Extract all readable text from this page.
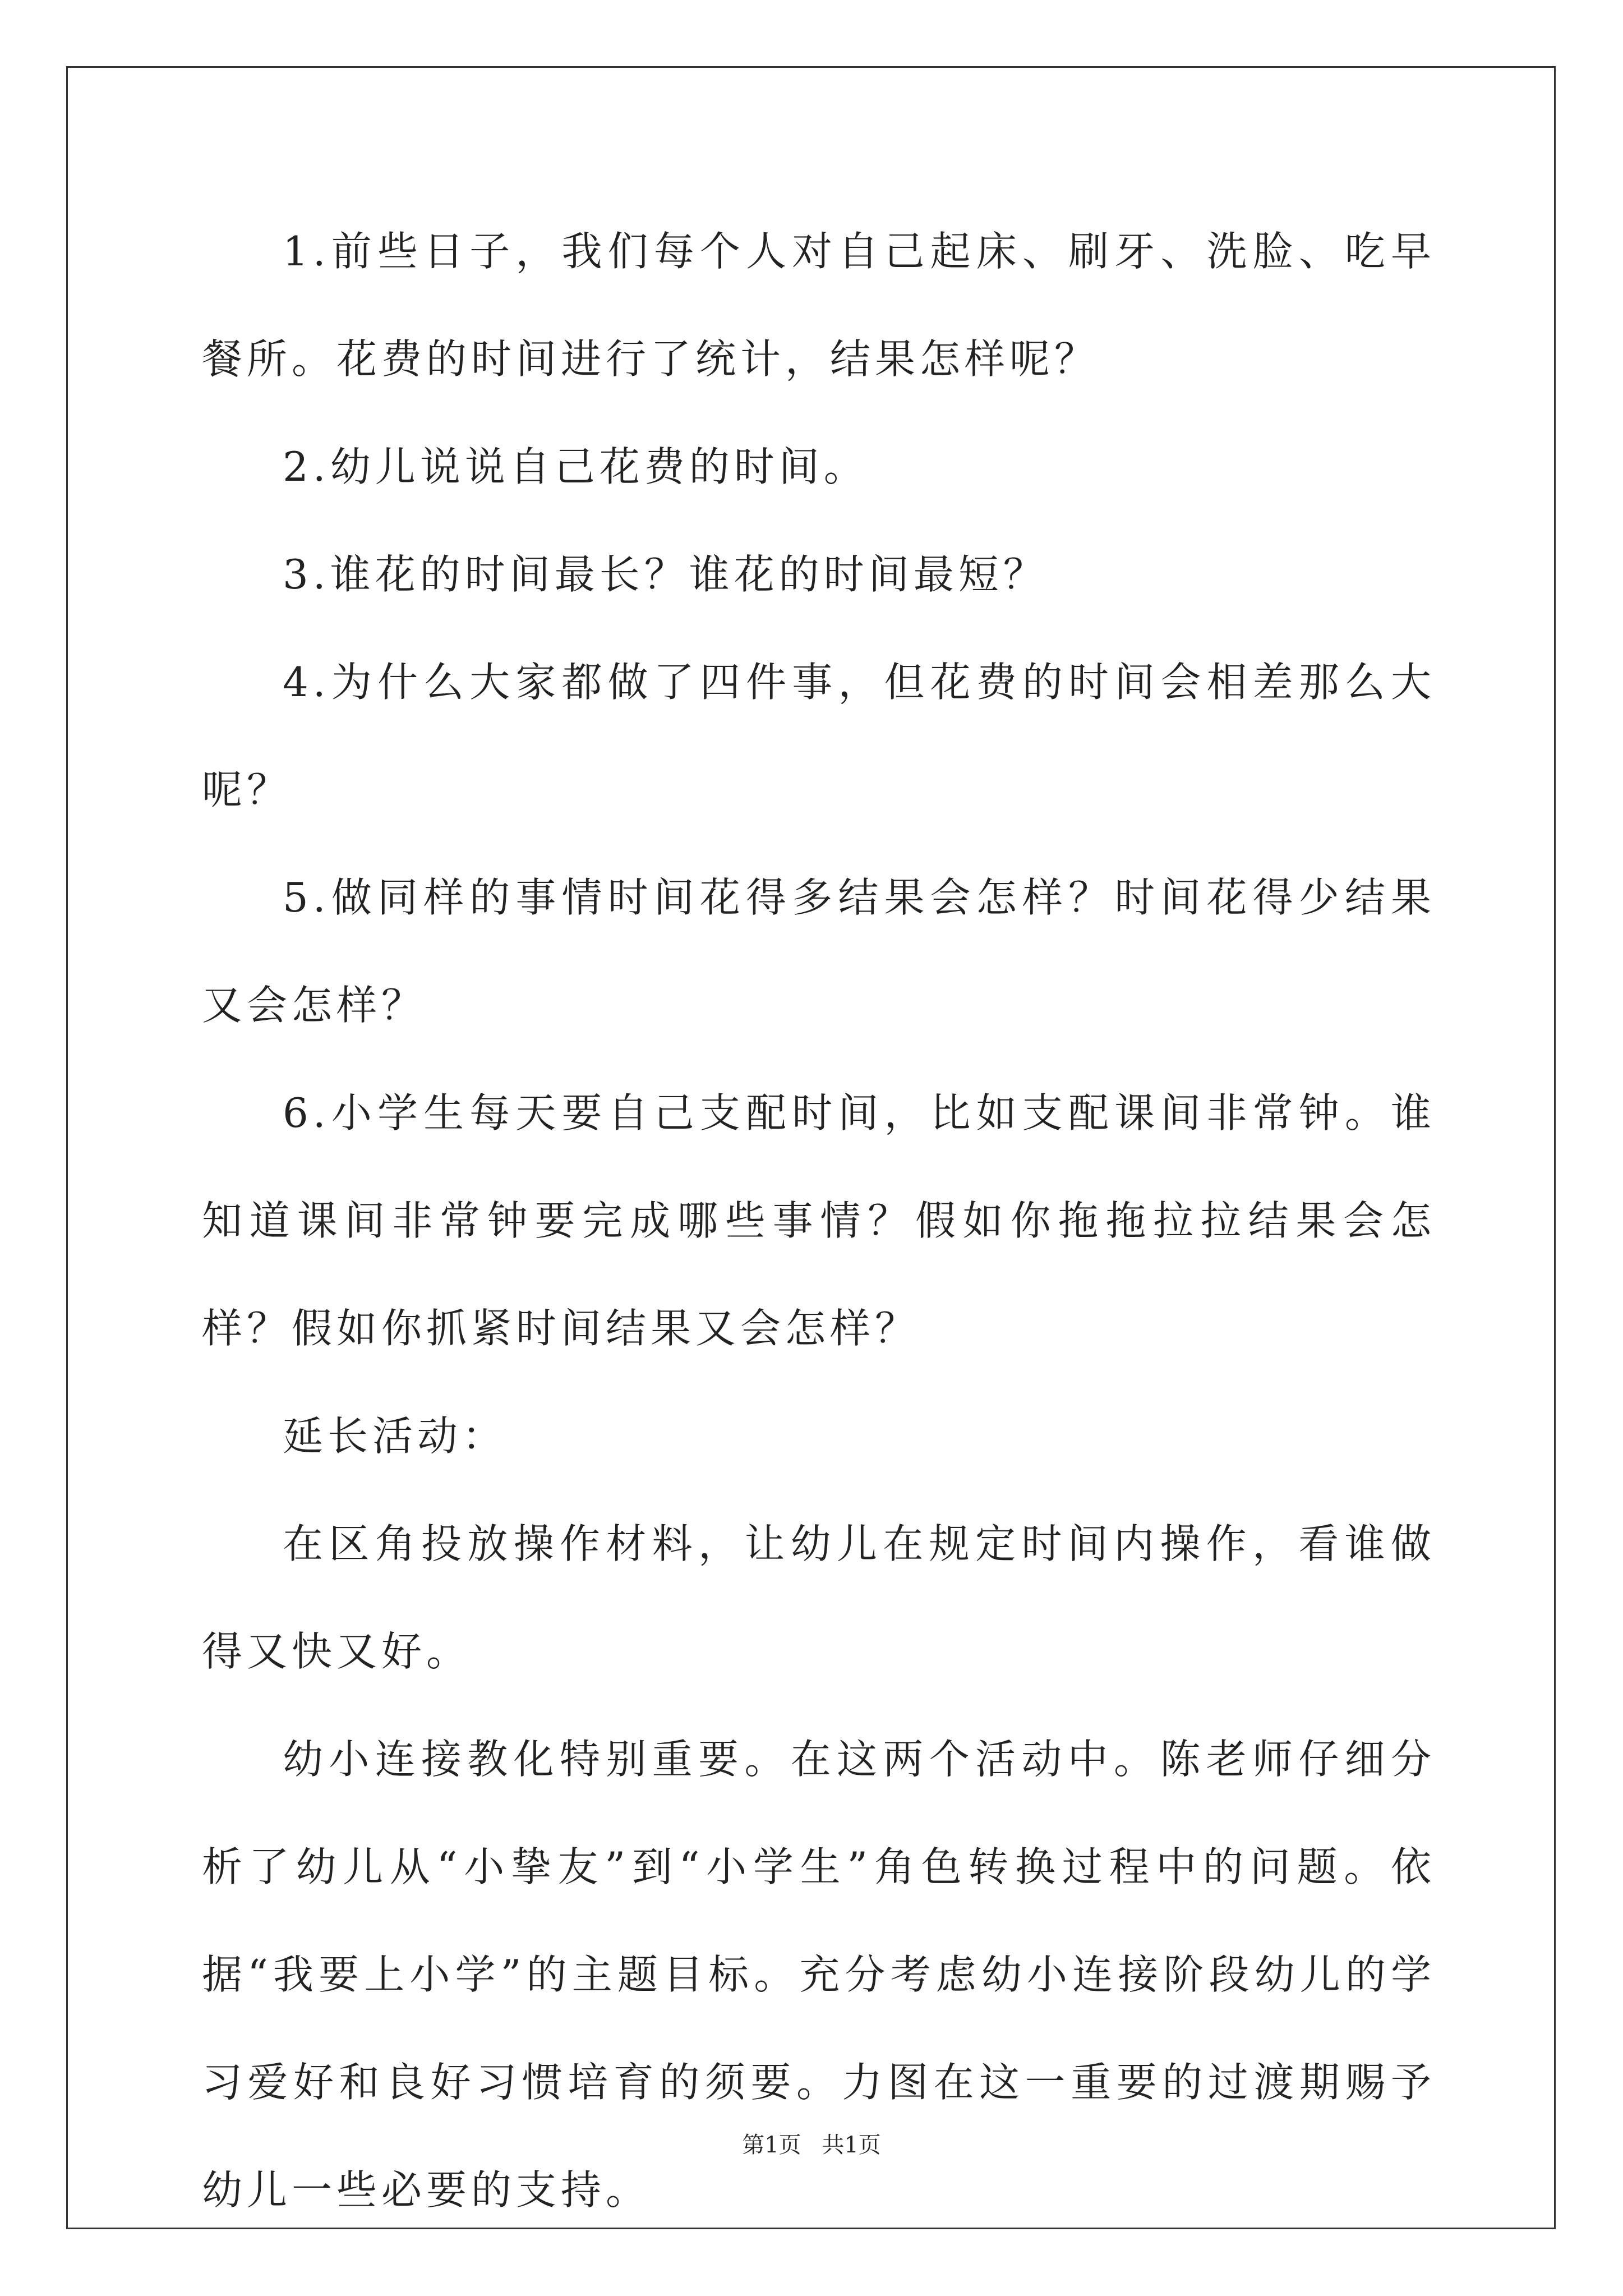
1.前些日子，我们每个人对自己起床、刷牙、洗脸、吃早餐所。花费的时间进行了统计，结果怎样呢？

2.幼儿说说自己花费的时间。

3.谁花的时间最长？谁花的时间最短？

4.为什么大家都做了四件事，但花费的时间会相差那么大呢？

5.做同样的事情时间花得多结果会怎样？时间花得少结果又会怎样？

6.小学生每天要自己支配时间，比如支配课间非常钟。谁知道课间非常钟要完成哪些事情？假如你拖拖拉拉结果会怎样？假如你抓紧时间结果又会怎样？

延长活动：

在区角投放操作材料，让幼儿在规定时间内操作，看谁做得又快又好。

幼小连接教化特别重要。在这两个活动中。陈老师仔细分析了幼儿从“小挚友”到“小学生”角色转换过程中的问题。依据“我要上小学”的主题目标。充分考虑幼小连接阶段幼儿的学习爱好和良好习惯培育的须要。力图在这一重要的过渡期赐予幼儿一些必要的支持。

第1页 共1页
